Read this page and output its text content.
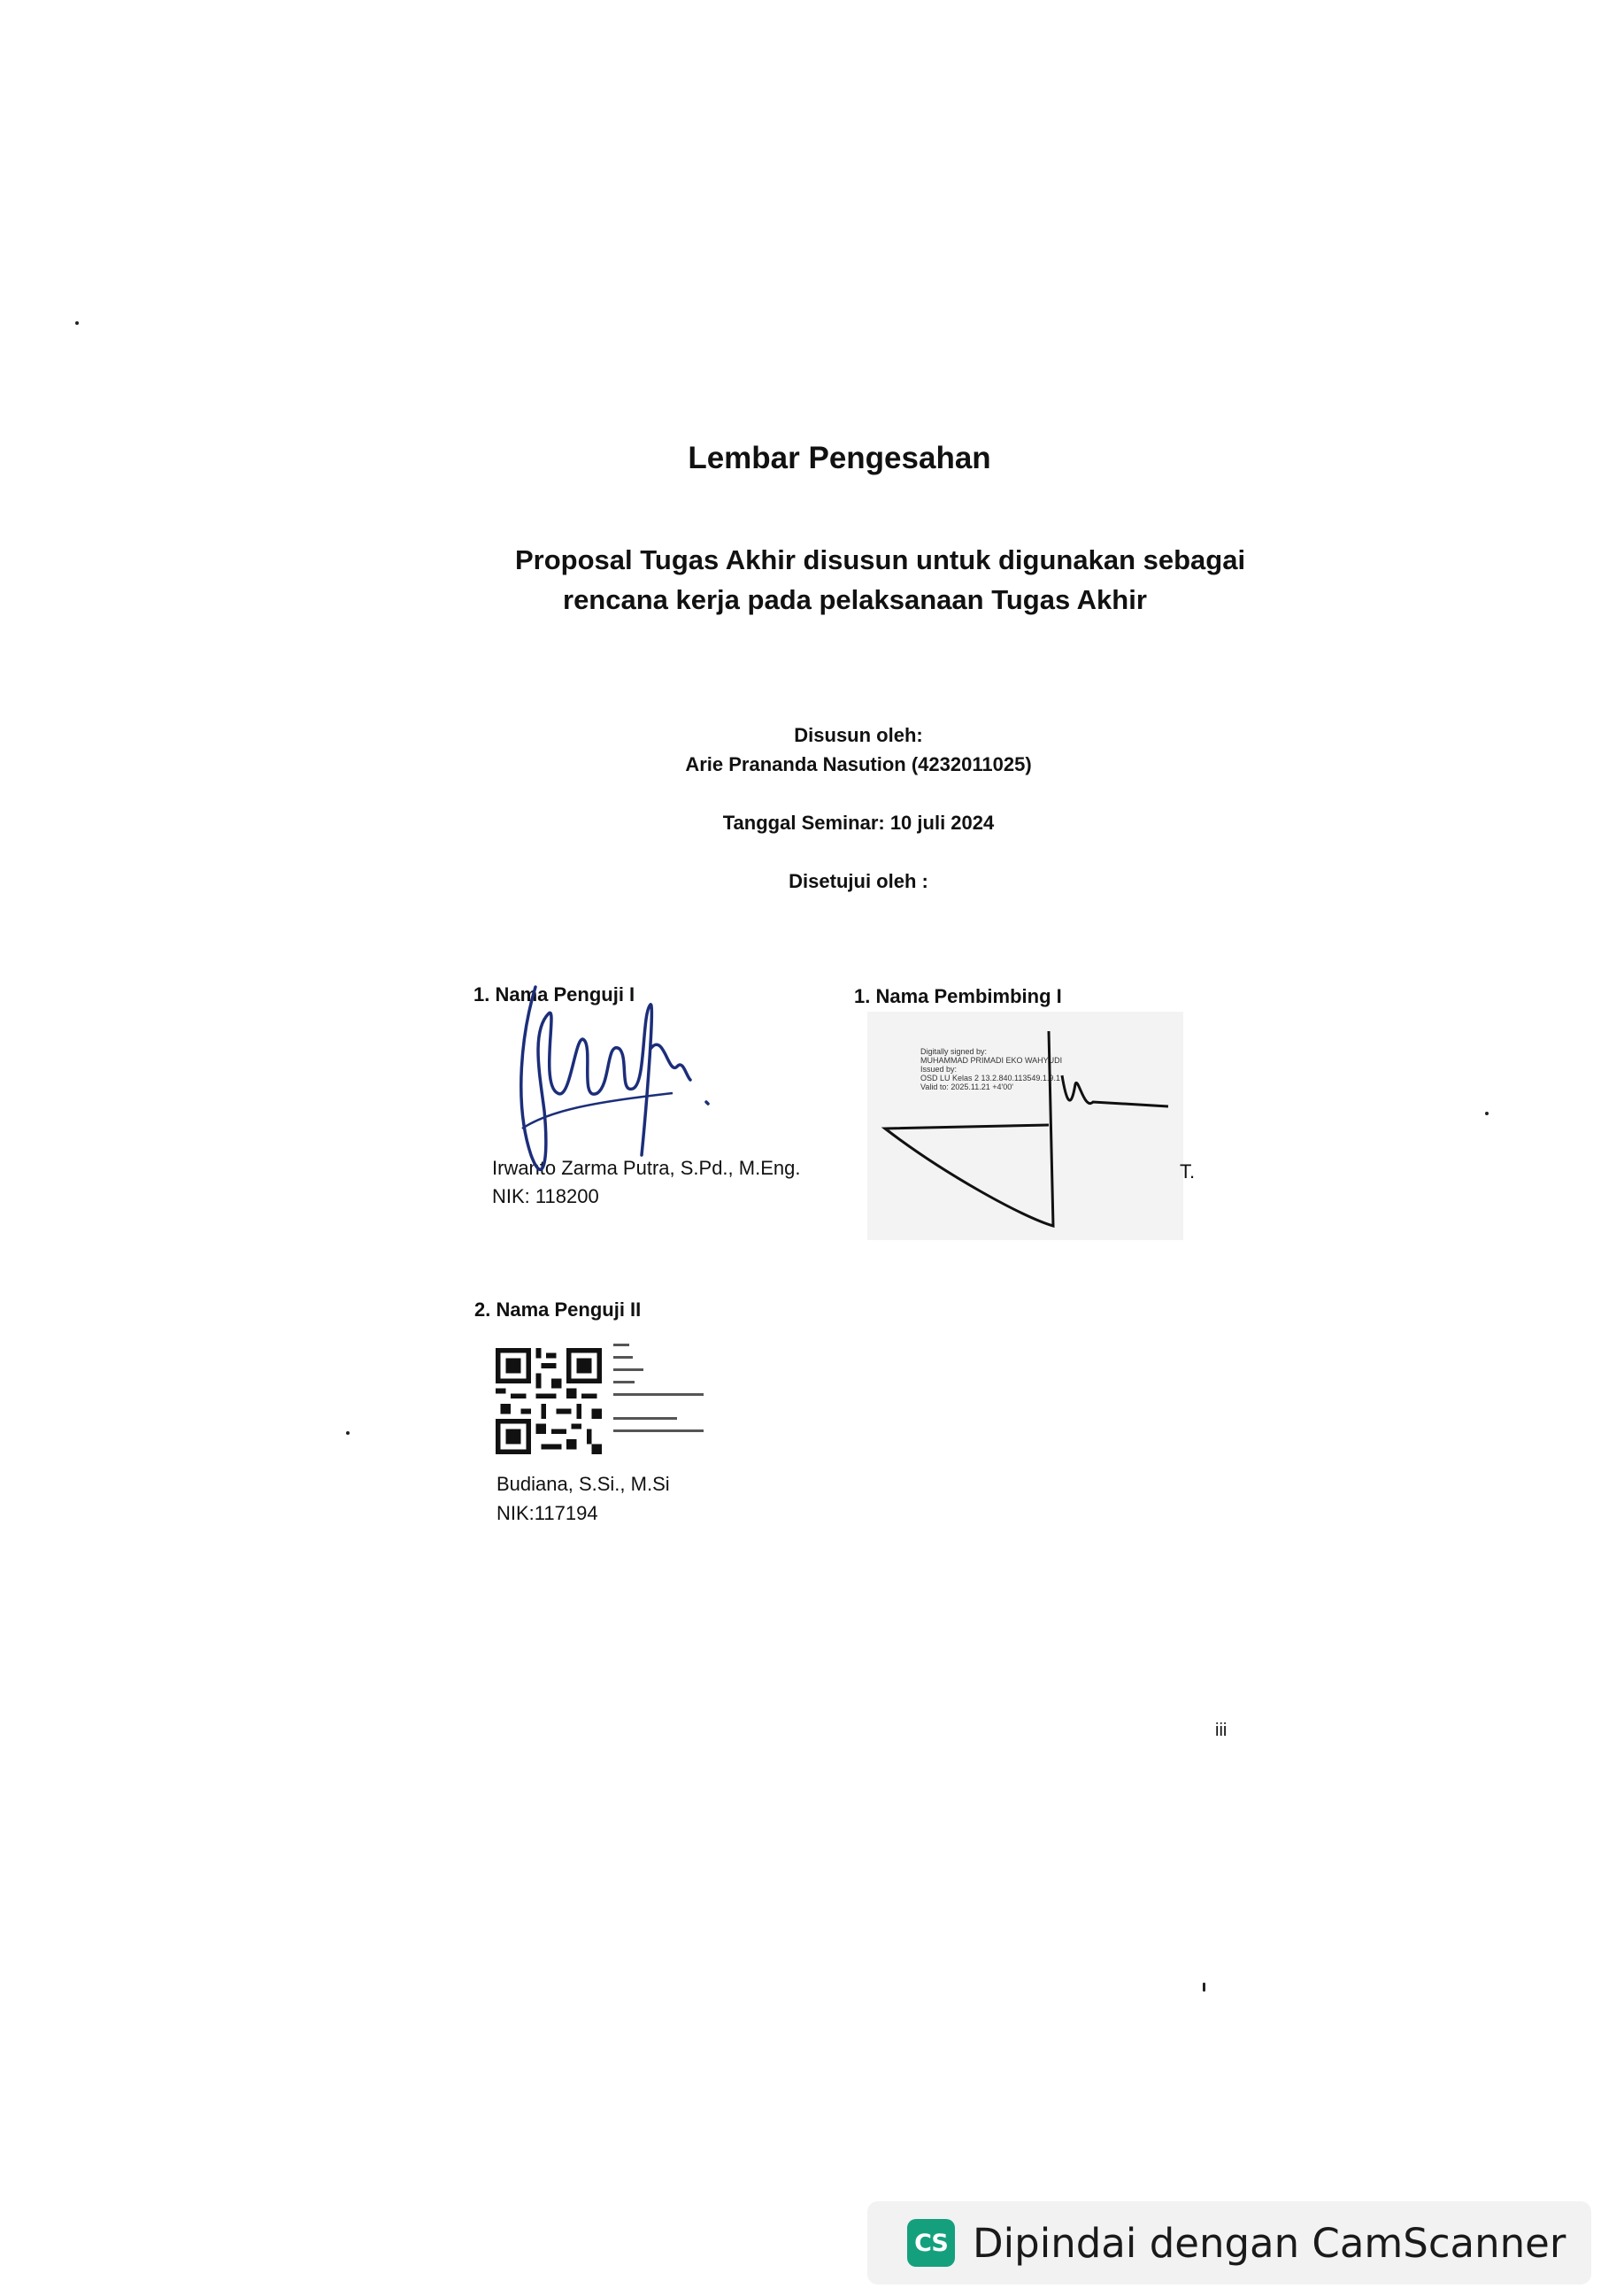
Lembar Pengesahan
Proposal Tugas Akhir disusun untuk digunakan sebagai
rencana kerja pada pelaksanaan Tugas Akhir
Disusun oleh:
Arie Prananda Nasution (4232011025)
Tanggal Seminar: 10 juli 2024
Disetujui oleh :
1. Nama Penguji I
Irwanto Zarma Putra, S.Pd., M.Eng.
NIK: 118200
1. Nama Pembimbing I
Digitally signed by:
MUHAMMAD PRIMADI EKO WAHYUDI
Issued by:
OSD LU Kelas 2 13.2.840.113549.1.9.1
Valid to: 2025.11.21 +4'00'
T.
2. Nama Penguji II
Budiana, S.Si., M.Si
NIK:117194
iii
CS Dipindai dengan CamScanner
